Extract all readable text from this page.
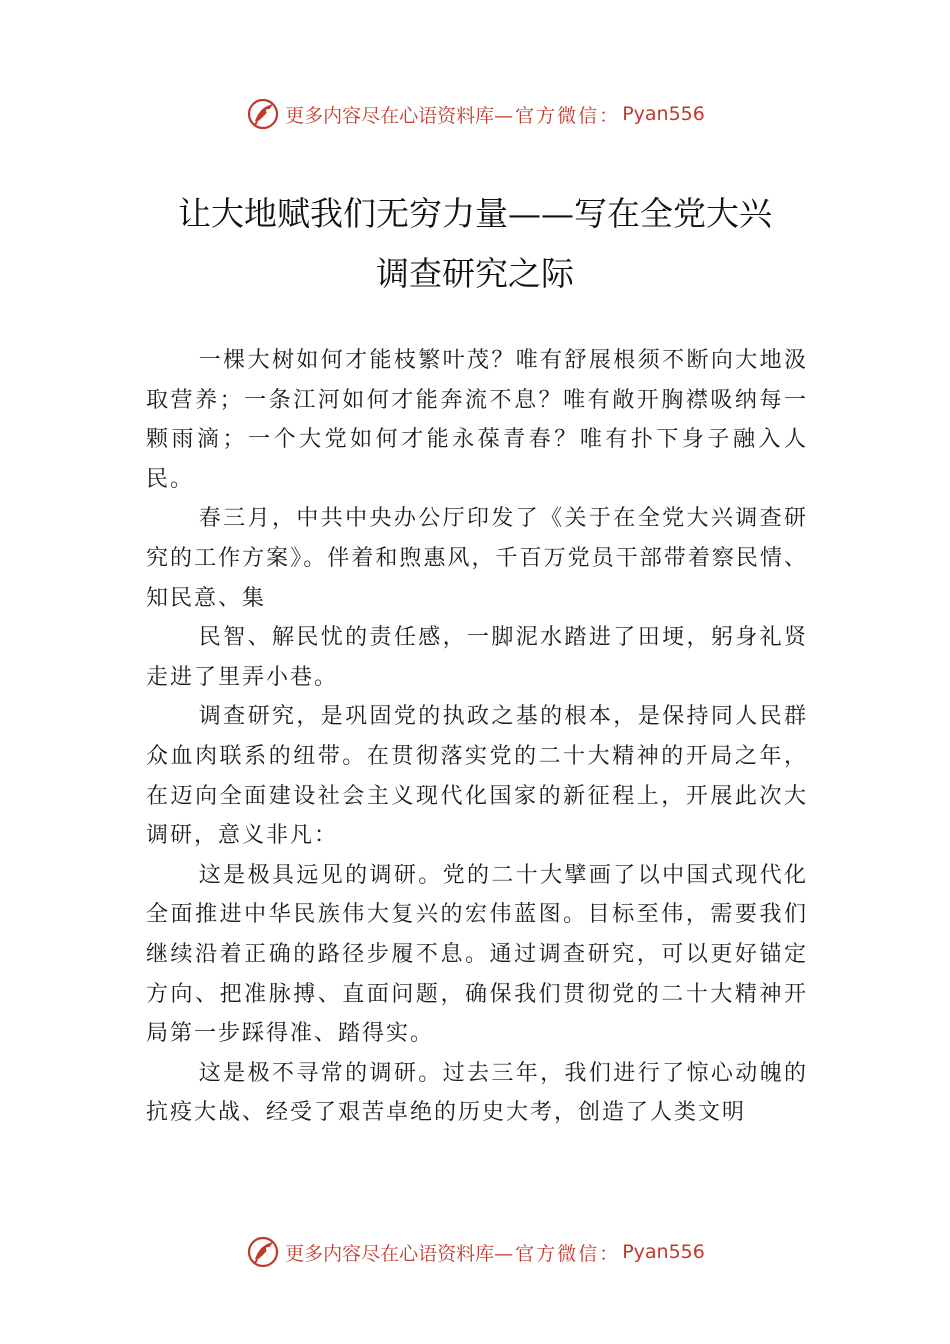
更多内容尽在心语资料库 —官方微信： Pyan556
让大地赋我们无穷力量——写在全党大兴
调查研究之际

一棵大树如何才能枝繁叶茂？唯有舒展根须不断向大地汲取营养；一条江河如何才能奔流不息？唯有敞开胸襟吸纳每一颗雨滴；一个大党如何才能永葆青春？唯有扑下身子融入人民。

春三月，中共中央办公厅印发了《关于在全党大兴调查研究的工作方案》。伴着和煦惠风，千百万党员干部带着察民情、知民意、集

民智、解民忧的责任感，一脚泥水踏进了田埂，躬身礼贤走进了里弄小巷。

调查研究，是巩固党的执政之基的根本，是保持同人民群众血肉联系的纽带。在贯彻落实党的二十大精神的开局之年，在迈向全面建设社会主义现代化国家的新征程上，开展此次大调研，意义非凡：

这是极具远见的调研。党的二十大擘画了以中国式现代化全面推进中华民族伟大复兴的宏伟蓝图。目标至伟，需要我们继续沿着正确的路径步履不息。通过调查研究，可以更好锚定方向、把准脉搏、直面问题，确保我们贯彻党的二十大精神开局第一步踩得准、踏得实。

这是极不寻常的调研。过去三年，我们进行了惊心动魄的抗疫大战、经受了艰苦卓绝的历史大考，创造了人类文明

更多内容尽在心语资料库 —官方微信： Pyan556
